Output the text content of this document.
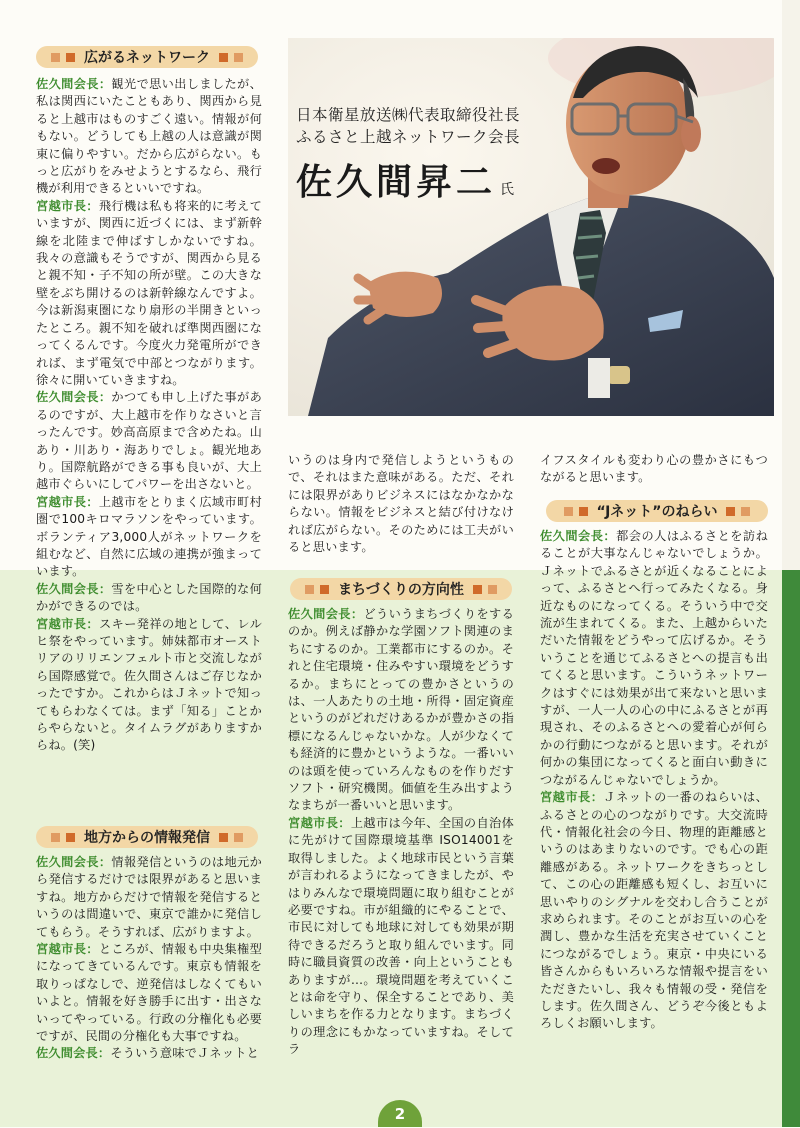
日本衛星放送㈱代表取締役社長
ふるさと上越ネットワーク会長
佐久間昇二 氏
広がるネットワーク
地方からの情報発信
まちづくりの方向性
“Jネット”のねらい

佐久間会長：観光で思い出しましたが、私は関西にいたこともあり、関西から見ると上越市はものすごく遠い。情報が何もない。どうしても上越の人は意識が関東に偏りやすい。だから広がらない。もっと広がりをみせようとするなら、飛行機が利用できるといいですね。

宮越市長：飛行機は私も将来的に考えていますが、関西に近づくには、まず新幹線を北陸まで伸ばすしかないですね。我々の意識もそうですが、関西から見ると親不知・子不知の所が壁。この大きな壁をぶち開けるのは新幹線なんですよ。今は新潟東圏になり扇形の半開きといったところ。親不知を破れば準関西圏になってくるんです。今度火力発電所ができれば、まず電気で中部とつながります。徐々に開いていきますね。

佐久間会長：かつても申し上げた事があるのですが、大上越市を作りなさいと言ったんです。妙高高原まで含めたね。山あり・川あり・海ありでしょ。観光地あり。国際航路ができる事も良いが、大上越市ぐらいにしてパワーを出さないと。

宮越市長：上越市をとりまく広域市町村圏で100キロマラソンをやっています。ボランティア3,000人がネットワークを組むなど、自然に広域の連携が強まっています。

佐久間会長：雪を中心とした国際的な何かができるのでは。

宮越市長：スキー発祥の地として、レルヒ祭をやっています。姉妹都市オーストリアのリリエンフェルト市と交流しながら国際感覚で。佐久間さんはご存じなかったですか。これからはＪネットで知ってもらわなくては。まず「知る」ことからやらないと。タイムラグがありますからね。(笑)

佐久間会長：情報発信というのは地元から発信するだけでは限界があると思いますね。地方からだけで情報を発信するというのは間違いで、東京で誰かに発信してもらう。そうすれば、広がりますよ。

宮越市長：ところが、情報も中央集権型になってきているんです。東京も情報を取りっぱなしで、逆発信はしなくてもいいよと。情報を好き勝手に出す・出さないってやっている。行政の分権化も必要ですが、民間の分権化も大事ですね。

佐久間会長：そういう意味でＪネットと

いうのは身内で発信しようというもので、それはまた意味がある。ただ、それには限界がありビジネスにはなかなかならない。情報をビジネスと結び付けなければ広がらない。そのためには工夫がいると思います。

佐久間会長：どういうまちづくりをするのか。例えば静かな学園ソフト関連のまちにするのか。工業都市にするのか。それと住宅環境・住みやすい環境をどうするか。まちにとっての豊かさというのは、一人あたりの土地・所得・固定資産というのがどれだけあるかが豊かさの指標になるんじゃないかな。人が少なくても経済的に豊かというような。一番いいのは頭を使っていろんなものを作りだすソフト・研究機関。価値を生み出すようなまちが一番いいと思います。

宮越市長：上越市は今年、全国の自治体に先がけて国際環境基準 ISO14001を取得しました。よく地球市民という言葉が言われるようになってきましたが、やはりみんなで環境問題に取り組むことが必要ですね。市が組織的にやることで、市民に対しても地球に対しても効果が期待できるだろうと取り組んでいます。同時に職員資質の改善・向上ということもありますが…。環境問題を考えていくことは命を守り、保全することであり、美しいまちを作る力となります。まちづくりの理念にもかなっていますね。そしてラ

イフスタイルも変わり心の豊かさにもつながると思います。

佐久間会長：都会の人はふるさとを訪ねることが大事なんじゃないでしょうか。Ｊネットでふるさとが近くなることによって、ふるさとへ行ってみたくなる。身近なものになってくる。そういう中で交流が生まれてくる。また、上越からいただいた情報をどうやって広げるか。そういうことを通じてふるさとへの提言も出てくると思います。こういうネットワークはすぐには効果が出て来ないと思いますが、一人一人の心の中にふるさとが再現され、そのふるさとへの愛着心が何らかの行動につながると思います。それが何かの集団になってくると面白い動きにつながるんじゃないでしょうか。

宮越市長：Ｊネットの一番のねらいは、ふるさとの心のつながりです。大交流時代・情報化社会の今日、物理的距離感というのはあまりないのです。でも心の距離感がある。ネットワークをきちっとして、この心の距離感も短くし、お互いに思いやりのシグナルを交わし合うことが求められます。そのことがお互いの心を潤し、豊かな生活を充実させていくことにつながるでしょう。東京・中央にいる皆さんからもいろいろな情報や提言をいただきたいし、我々も情報の受・発信をします。佐久間さん、どうぞ今後ともよろしくお願いします。

2
